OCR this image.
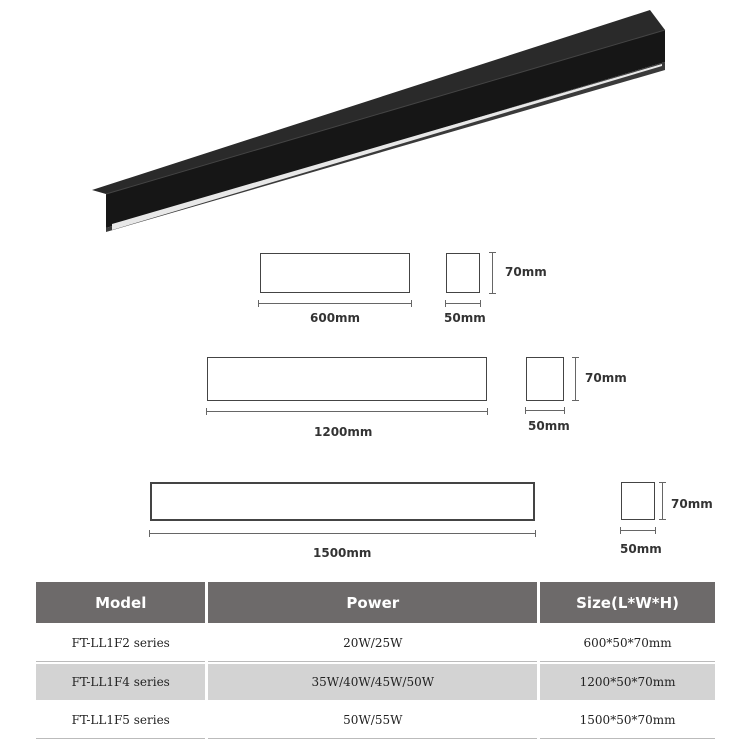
600mm	50mm
70mm
1200mm	50mm
70mm
1500mm	50mm
70mm
Model	Power	Size(L*W*H)
FT-LL1F2 series	20W/25W	600*50*70mm
FT-LL1F4 series	35W/40W/45W/50W	1200*50*70mm
FT-LL1F5 series	50W/55W	1500*50*70mm
